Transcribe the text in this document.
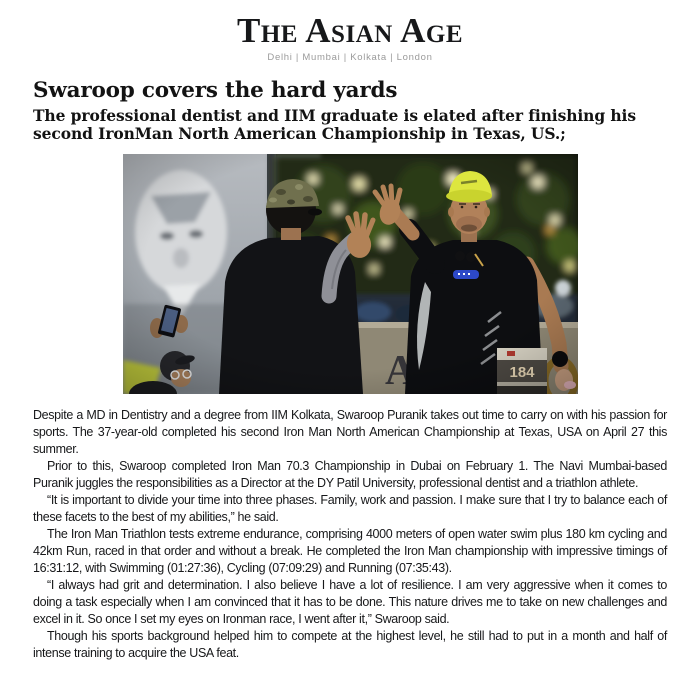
The Asian Age
Delhi | Mumbai | Kolkata | London
Swaroop covers the hard yards
The professional dentist and IIM graduate is elated after finishing his second IronMan North American Championship in Texas, US.;

Despite a MD in Dentistry and a degree from IIM Kolkata, Swaroop Puranik takes out time to carry on with his passion for sports. The 37-year-old completed his second Iron Man North American Championship at Texas, USA on April 27 this summer.

Prior to this, Swaroop completed Iron Man 70.3 Championship in Dubai on February 1. The Navi Mumbai-based Puranik juggles the responsibilities as a Director at the DY Patil University, professional dentist and a triathlon athlete.

“It is important to divide your time into three phases. Family, work and passion. I make sure that I try to balance each of these facets to the best of my abilities,” he said.

The Iron Man Triathlon tests extreme endurance, comprising 4000 meters of open water swim plus 180 km cycling and 42km Run, raced in that order and without a break. He completed the Iron Man championship with impressive timings of 16:31:12, with Swimming (01:27:36), Cycling (07:09:29) and Running (07:35:43).

“I always had grit and determination. I also believe I have a lot of resilience. I am very aggressive when it comes to doing a task especially when I am convinced that it has to be done. This nature drives me to take on new challenges and excel in it. So once I set my eyes on Ironman race, I went after it,” Swaroop said.

Though his sports background helped him to compete at the highest level, he still had to put in a month and half of intense training to acquire the USA feat.
